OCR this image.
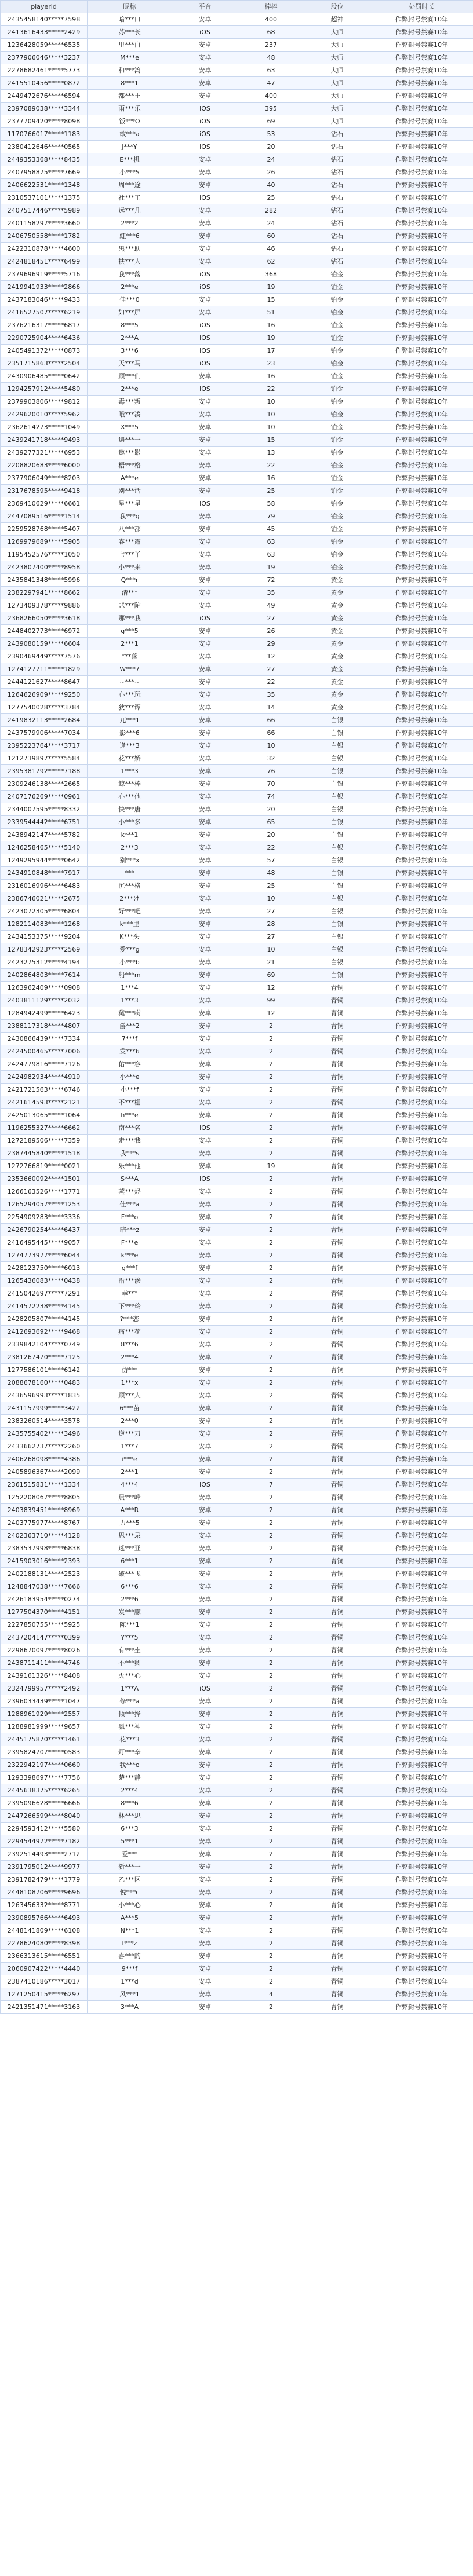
playerid	昵称	平台	棒棒	段位	处罚时长
2435458140*****7598	暗***口	安卓	400	超神	作弊封号禁赛10年
2413616433*****2429	苏***长	iOS	68	大师	作弊封号禁赛10年
1236428059*****6535	里***白	安卓	237	大师	作弊封号禁赛10年
2377906046*****3237	M***e	安卓	48	大师	作弊封号禁赛10年
2278682461*****5773	和***湾	安卓	63	大师	作弊封号禁赛10年
2415510456*****0872	8***1	安卓	47	大师	作弊封号禁赛10年
2449472676*****6594	都***王	安卓	400	大师	作弊封号禁赛10年
2397089038*****3344	雨***乐	iOS	395	大师	作弊封号禁赛10年
2377709420*****8098	饭***Ö	iOS	69	大师	作弊封号禁赛10年
1170766017*****1183	敢***a	iOS	53	钻石	作弊封号禁赛10年
2380412646*****0565	J***Y	iOS	20	钻石	作弊封号禁赛10年
2449353368*****8435	E***机	安卓	24	钻石	作弊封号禁赛10年
2407958875*****7669	小***S	安卓	26	钻石	作弊封号禁赛10年
2406622531*****1348	周***途	安卓	40	钻石	作弊封号禁赛10年
2310537101*****1375	社***工	iOS	25	钻石	作弊封号禁赛10年
2407517446*****5989	远***几	安卓	282	钻石	作弊封号禁赛10年
2401158297*****3660	2***2	安卓	24	钻石	作弊封号禁赛10年
2406750558*****1782	虹***6	安卓	60	钻石	作弊封号禁赛10年
2422310878*****4600	黑***助	安卓	46	钻石	作弊封号禁赛10年
2424818451*****6499	扶***人	安卓	62	钻石	作弊封号禁赛10年
2379696919*****5716	我***落	iOS	368	铂金	作弊封号禁赛10年
2419941933*****2866	2***e	iOS	19	铂金	作弊封号禁赛10年
2437183046*****9433	佳***0	安卓	15	铂金	作弊封号禁赛10年
2416527507*****6219	如***屏	安卓	51	铂金	作弊封号禁赛10年
2376216317*****6817	8***5	iOS	16	铂金	作弊封号禁赛10年
2290725904*****6436	2***A	iOS	19	铂金	作弊封号禁赛10年
2405491372*****0873	3***6	iOS	17	铂金	作弊封号禁赛10年
2351715863*****2504	天***马	iOS	23	铂金	作弊封号禁赛10年
2430906485*****0642	顾***们	安卓	16	铂金	作弊封号禁赛10年
1294257912*****5480	2***e	iOS	22	铂金	作弊封号禁赛10年
2379903806*****9812	毒***叛	安卓	10	铂金	作弊封号禁赛10年
2429620010*****5962	哦***凑	安卓	10	铂金	作弊封号禁赛10年
2362614273*****1049	X***5	安卓	10	铂金	作弊封号禁赛10年
2439241718*****9493	遍***一	安卓	15	铂金	作弊封号禁赛10年
2439277321*****6953	邀***影	安卓	13	铂金	作弊封号禁赛10年
2208820683*****6000	梧***格	安卓	22	铂金	作弊封号禁赛10年
2377906049*****8203	A***e	安卓	16	铂金	作弊封号禁赛10年
2317678595*****9418	别***话	安卓	25	铂金	作弊封号禁赛10年
2369410629*****6661	星***星	iOS	58	铂金	作弊封号禁赛10年
2447089516*****1514	我***g	安卓	79	铂金	作弊封号禁赛10年
2259528768*****5407	八***都	安卓	45	铂金	作弊封号禁赛10年
1269979689*****5905	睿***露	安卓	63	铂金	作弊封号禁赛10年
1195452576*****1050	七***丫	安卓	63	铂金	作弊封号禁赛10年
2423807400*****8958	小***来	安卓	19	铂金	作弊封号禁赛10年
2435841348*****5996	Q***r	安卓	72	黄金	作弊封号禁赛10年
2382297941*****8662	清***	安卓	35	黄金	作弊封号禁赛10年
1273409378*****9886	悲***陀	安卓	49	黄金	作弊封号禁赛10年
2368266050*****3618	那***我	iOS	27	黄金	作弊封号禁赛10年
2448402773*****6972	g***5	安卓	26	黄金	作弊封号禁赛10年
2439080159*****6604	2***1	安卓	29	黄金	作弊封号禁赛10年
2390469449*****7576	***落	安卓	12	黄金	作弊封号禁赛10年
1274127711*****1829	W***7	安卓	27	黄金	作弊封号禁赛10年
2444121627*****8647	~***~	安卓	22	黄金	作弊封号禁赛10年
1264626909*****9250	心***玩	安卓	35	黄金	作弊封号禁赛10年
1277540028*****3784	狄***谭	安卓	14	黄金	作弊封号禁赛10年
2419832113*****2684	兀***1	安卓	66	白银	作弊封号禁赛10年
2437579906*****7034	影***6	安卓	66	白银	作弊封号禁赛10年
2395223764*****3717	逢***3	安卓	10	白银	作弊封号禁赛10年
1212739897*****5584	花***娇	安卓	32	白银	作弊封号禁赛10年
2395381792*****7188	1***3	安卓	76	白银	作弊封号禁赛10年
2309246138*****2665	鲸***棒	安卓	70	白银	作弊封号禁赛10年
2407176269*****0961	心***他	安卓	74	白银	作弊封号禁赛10年
2344007595*****8332	快***唐	安卓	20	白银	作弊封号禁赛10年
2339544442*****6751	小***多	安卓	65	白银	作弊封号禁赛10年
2438942147*****5782	k***1	安卓	20	白银	作弊封号禁赛10年
1246258465*****5140	2***3	安卓	22	白银	作弊封号禁赛10年
1249295944*****0642	别***x	安卓	57	白银	作弊封号禁赛10年
2434910848*****7917	***	安卓	48	白银	作弊封号禁赛10年
2316016996*****6483	沉***格	安卓	25	白银	作弊封号禁赛10年
2386746021*****2675	2***け	安卓	10	白银	作弊封号禁赛10年
2423072305*****6804	好***吧	安卓	27	白银	作弊封号禁赛10年
1282114083*****1268	k***里	安卓	28	白银	作弊封号禁赛10年
2434153375*****9204	K***头	安卓	27	白银	作弊封号禁赛10年
1278342923*****2569	爱***g	安卓	10	白银	作弊封号禁赛10年
2423275312*****4194	小***b	安卓	21	白银	作弊封号禁赛10年
2402864803*****7614	船***m	安卓	69	白银	作弊封号禁赛10年
1263962409*****0908	1***4	安卓	12	青铜	作弊封号禁赛10年
2403811129*****2032	1***3	安卓	99	青铜	作弊封号禁赛10年
1284942499*****6423	黛***嗬	安卓	12	青铜	作弊封号禁赛10年
2388117318*****4807	爵***2	安卓	2	青铜	作弊封号禁赛10年
2430866439*****7334	7***f	安卓	2	青铜	作弊封号禁赛10年
2424500465*****7006	发***6	安卓	2	青铜	作弊封号禁赛10年
2424779816*****7126	佑***容	安卓	2	青铜	作弊封号禁赛10年
2424982934*****4919	小***e	安卓	2	青铜	作弊封号禁赛10年
2421721563*****6746	小***f	安卓	2	青铜	作弊封号禁赛10年
2421614593*****2121	不***栅	安卓	2	青铜	作弊封号禁赛10年
2425013065*****1064	h***e	安卓	2	青铜	作弊封号禁赛10年
1196255327*****6662	南***名	iOS	2	青铜	作弊封号禁赛10年
1272189506*****7359	走***我	安卓	2	青铜	作弊封号禁赛10年
2387445840*****1518	我***s	安卓	2	青铜	作弊封号禁赛10年
1272766819*****0021	乐***他	安卓	19	青铜	作弊封号禁赛10年
2353660092*****1501	S***A	iOS	2	青铜	作弊封号禁赛10年
1266163526*****1771	蒸***烃	安卓	2	青铜	作弊封号禁赛10年
1265294057*****1253	佳***a	安卓	2	青铜	作弊封号禁赛10年
2254909283*****3336	F***o	安卓	2	青铜	作弊封号禁赛10年
2426790254*****6437	暗***z	安卓	2	青铜	作弊封号禁赛10年
2416495445*****9057	F***e	安卓	2	青铜	作弊封号禁赛10年
1274773977*****6044	k***e	安卓	2	青铜	作弊封号禁赛10年
2428123750*****6013	g***f	安卓	2	青铜	作弊封号禁赛10年
1265436083*****0438	沿***渗	安卓	2	青铜	作弊封号禁赛10年
2415042697*****7291	幸***	安卓	2	青铜	作弊封号禁赛10年
2414572238*****4145	下***玲	安卓	2	青铜	作弊封号禁赛10年
2428205807*****4145	?***恋	安卓	2	青铜	作弊封号禁赛10年
2412693692*****9468	痛***花	安卓	2	青铜	作弊封号禁赛10年
2339842104*****0749	8***6	安卓	2	青铜	作弊封号禁赛10年
2381267470*****7125	2***4	安卓	2	青铜	作弊封号禁赛10年
1277586101*****6142	仿***	安卓	2	青铜	作弊封号禁赛10年
2088678160*****0483	1***x	安卓	2	青铜	作弊封号禁赛10年
2436596993*****1835	顾***人	安卓	2	青铜	作弊封号禁赛10年
2431157999*****3422	6***苗	安卓	2	青铜	作弊封号禁赛10年
2383260514*****3578	2***0	安卓	2	青铜	作弊封号禁赛10年
2435755402*****3496	逆***刀	安卓	2	青铜	作弊封号禁赛10年
2433662737*****2260	1***7	安卓	2	青铜	作弊封号禁赛10年
2406268098*****4386	i***e	安卓	2	青铜	作弊封号禁赛10年
2405896367*****2099	2***1	安卓	2	青铜	作弊封号禁赛10年
2361515831*****1334	4***4	iOS	7	青铜	作弊封号禁赛10年
1252208067*****8805	晨***峰	安卓	2	青铜	作弊封号禁赛10年
2403839451*****8969	A***R	安卓	2	青铜	作弊封号禁赛10年
2403775977*****8767	力***5	安卓	2	青铜	作弊封号禁赛10年
2402363710*****4128	思***录	安卓	2	青铜	作弊封号禁赛10年
2383537998*****6838	迷***亚	安卓	2	青铜	作弊封号禁赛10年
2415903016*****2393	6***1	安卓	2	青铜	作弊封号禁赛10年
2402188131*****2523	破***飞	安卓	2	青铜	作弊封号禁赛10年
1248847038*****7666	6***6	安卓	2	青铜	作弊封号禁赛10年
2426183954*****0274	2***6	安卓	2	青铜	作弊封号禁赛10年
1277504370*****4151	炭***朦	安卓	2	青铜	作弊封号禁赛10年
2227850755*****5925	陈***1	安卓	2	青铜	作弊封号禁赛10年
2437204147*****0399	Y***5	安卓	2	青铜	作弊封号禁赛10年
2298670097*****8026	有***坐	安卓	2	青铜	作弊封号禁赛10年
2438711411*****4746	不***卿	安卓	2	青铜	作弊封号禁赛10年
2439161326*****8408	火***心	安卓	2	青铜	作弊封号禁赛10年
2324799957*****2492	1***A	iOS	2	青铜	作弊封号禁赛10年
2396033439*****1047	修***a	安卓	2	青铜	作弊封号禁赛10年
1288961929*****2557	倾***择	安卓	2	青铜	作弊封号禁赛10年
1288981999*****9657	瓢***神	安卓	2	青铜	作弊封号禁赛10年
2445175870*****1461	花***3	安卓	2	青铜	作弊封号禁赛10年
2395824707*****0583	灯***辛	安卓	2	青铜	作弊封号禁赛10年
2322942197*****0660	我***o	安卓	2	青铜	作弊封号禁赛10年
1293398697*****7756	楚***静	安卓	2	青铜	作弊封号禁赛10年
2445638375*****6265	2***4	安卓	2	青铜	作弊封号禁赛10年
2395096628*****6666	8***6	安卓	2	青铜	作弊封号禁赛10年
2447266599*****8040	林***思	安卓	2	青铜	作弊封号禁赛10年
2294593412*****5580	6***3	安卓	2	青铜	作弊封号禁赛10年
2294544972*****7182	5***1	安卓	2	青铜	作弊封号禁赛10年
2392514493*****2712	爱***	安卓	2	青铜	作弊封号禁赛10年
2391795012*****9977	新***一	安卓	2	青铜	作弊封号禁赛10年
2391782479*****1779	乙***区	安卓	2	青铜	作弊封号禁赛10年
2448108706*****9696	悦***c	安卓	2	青铜	作弊封号禁赛10年
1263456332*****8771	小***心	安卓	2	青铜	作弊封号禁赛10年
2390895766*****6493	A***5	安卓	2	青铜	作弊封号禁赛10年
2448141809*****6108	N***1	安卓	2	青铜	作弊封号禁赛10年
2278624080*****8398	f***z	安卓	2	青铜	作弊封号禁赛10年
2366313615*****6551	喜***的	安卓	2	青铜	作弊封号禁赛10年
2060907422*****4440	9***f	安卓	2	青铜	作弊封号禁赛10年
2387410186*****3017	1***d	安卓	2	青铜	作弊封号禁赛10年
1271250415*****6297	风***1	安卓	4	青铜	作弊封号禁赛10年
2421351471*****3163	3***A	安卓	2	青铜	作弊封号禁赛10年
